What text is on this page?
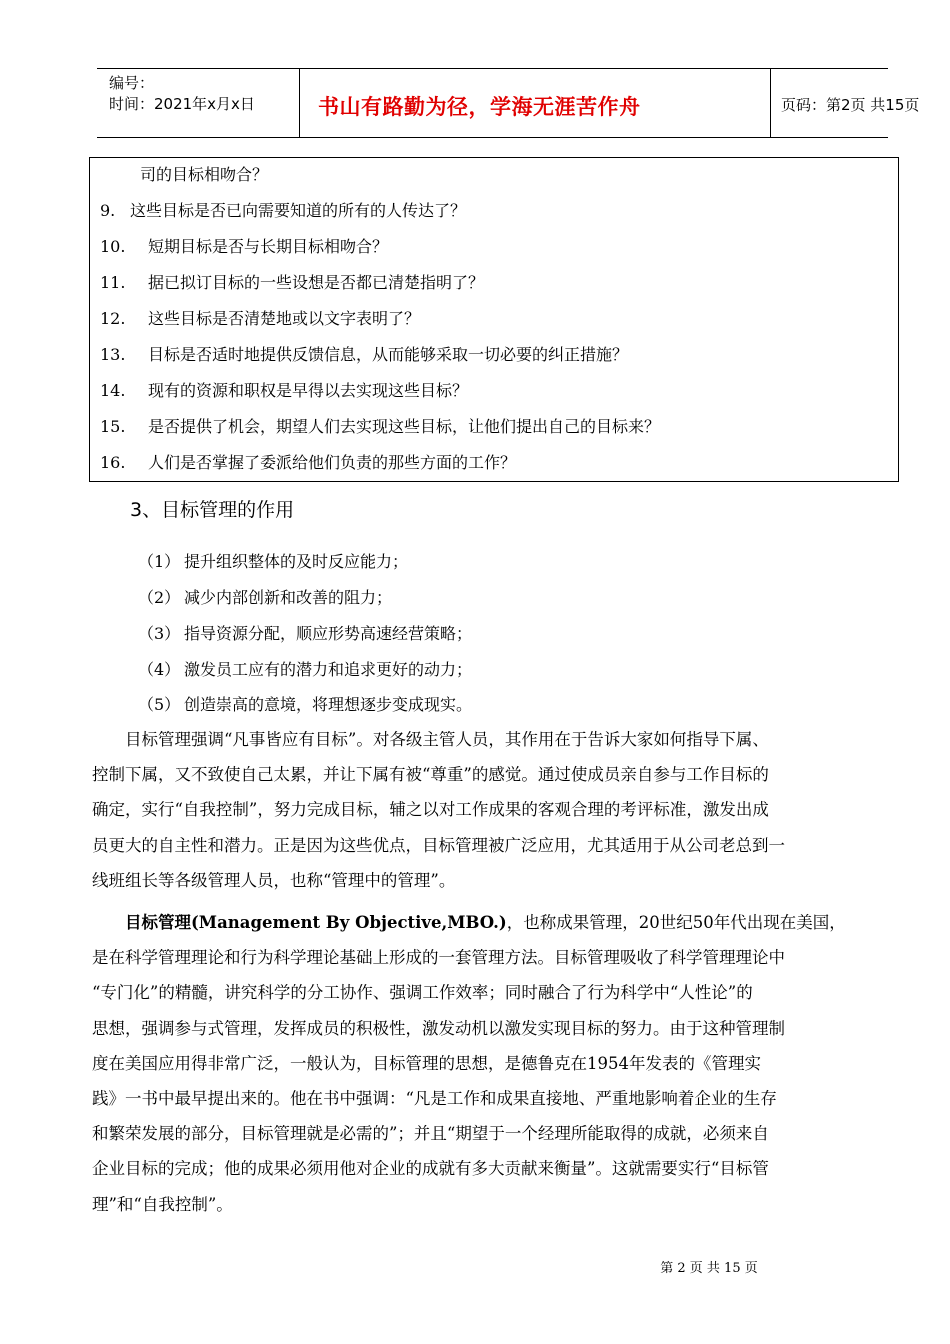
编号：
时间：2021年x月x日	书山有路勤为径，学海无涯苦作舟	页码：第2页 共15页
司的目标相吻合？
9. 这些目标是否已向需要知道的所有的人传达了？
10. 短期目标是否与长期目标相吻合？
11. 据已拟订目标的一些设想是否都已清楚指明了？
12. 这些目标是否清楚地或以文字表明了？
13. 目标是否适时地提供反馈信息，从而能够采取一切必要的纠正措施？
14. 现有的资源和职权是早得以去实现这些目标？
15. 是否提供了机会，期望人们去实现这些目标，让他们提出自己的目标来？
16. 人们是否掌握了委派给他们负责的那些方面的工作？
3、目标管理的作用
（1） 提升组织整体的及时反应能力；
（2） 减少内部创新和改善的阻力；
（3） 指导资源分配，顺应形势高速经营策略；
（4） 激发员工应有的潜力和追求更好的动力；
（5） 创造崇高的意境，将理想逐步变成现实。
　　目标管理强调“凡事皆应有目标”。对各级主管人员，其作用在于告诉大家如何指导下属、
控制下属，又不致使自己太累，并让下属有被“尊重”的感觉。通过使成员亲自参与工作目标的
确定，实行“自我控制”，努力完成目标，辅之以对工作成果的客观合理的考评标准，激发出成
员更大的自主性和潜力。正是因为这些优点，目标管理被广泛应用，尤其适用于从公司老总到一
线班组长等各级管理人员，也称“管理中的管理”。
　　目标管理(Management By Objective,MBO.)，也称成果管理，20世纪50年代出现在美国，
是在科学管理理论和行为科学理论基础上形成的一套管理方法。目标管理吸收了科学管理理论中
“专门化”的精髓，讲究科学的分工协作、强调工作效率；同时融合了行为科学中“人性论”的
思想，强调参与式管理，发挥成员的积极性，激发动机以激发实现目标的努力。由于这种管理制
度在美国应用得非常广泛，一般认为，目标管理的思想，是德鲁克在1954年发表的《管理实
践》一书中最早提出来的。他在书中强调：“凡是工作和成果直接地、严重地影响着企业的生存
和繁荣发展的部分，目标管理就是必需的”；并且“期望于一个经理所能取得的成就，必须来自
企业目标的完成；他的成果必须用他对企业的成就有多大贡献来衡量”。这就需要实行“目标管
理”和“自我控制”。
第 2 页 共 15 页
